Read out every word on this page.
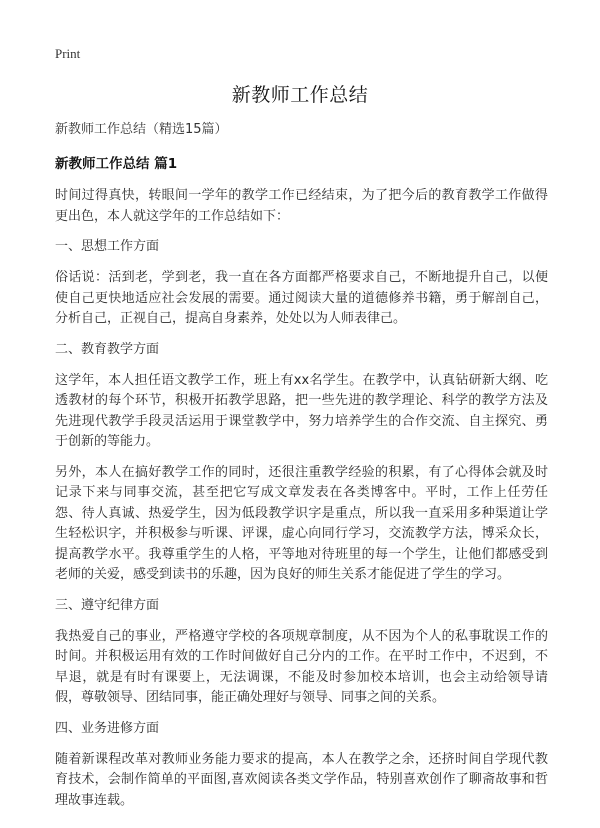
Print
新教师工作总结

新教师工作总结（精选15篇）

新教师工作总结 篇1

时间过得真快，转眼间一学年的教学工作已经结束，为了把今后的教育教学工作做得更出色，本人就这学年的工作总结如下：

一、思想工作方面

俗话说：活到老，学到老，我一直在各方面都严格要求自己，不断地提升自己，以便使自己更快地适应社会发展的需要。通过阅读大量的道德修养书籍，勇于解剖自己，分析自己，正视自己，提高自身素养，处处以为人师表律己。

二、教育教学方面

这学年，本人担任语文教学工作，班上有xx名学生。在教学中，认真钻研新大纲、吃透教材的每个环节，积极开拓教学思路，把一些先进的教学理论、科学的教学方法及先进现代教学手段灵活运用于课堂教学中，努力培养学生的合作交流、自主探究、勇于创新的等能力。

另外，本人在搞好教学工作的同时，还很注重教学经验的积累，有了心得体会就及时记录下来与同事交流，甚至把它写成文章发表在各类博客中。平时，工作上任劳任怨、待人真诚、热爱学生，因为低段教学识字是重点，所以我一直采用多种渠道让学生轻松识字，并积极参与听课、评课，虚心向同行学习，交流教学方法，博采众长，提高教学水平。我尊重学生的人格，平等地对待班里的每一个学生，让他们都感受到老师的关爱，感受到读书的乐趣，因为良好的师生关系才能促进了学生的学习。

三、遵守纪律方面

我热爱自己的事业，严格遵守学校的各项规章制度，从不因为个人的私事耽误工作的时间。并积极运用有效的工作时间做好自己分内的工作。在平时工作中，不迟到，不早退，就是有时有课要上，无法调课，不能及时参加校本培训，也会主动给领导请假，尊敬领导、团结同事，能正确处理好与领导、同事之间的关系。

四、业务进修方面

随着新课程改革对教师业务能力要求的提高，本人在教学之余，还挤时间自学现代教育技术，会制作简单的平面图,喜欢阅读各类文学作品，特别喜欢创作了聊斋故事和哲理故事连载。
